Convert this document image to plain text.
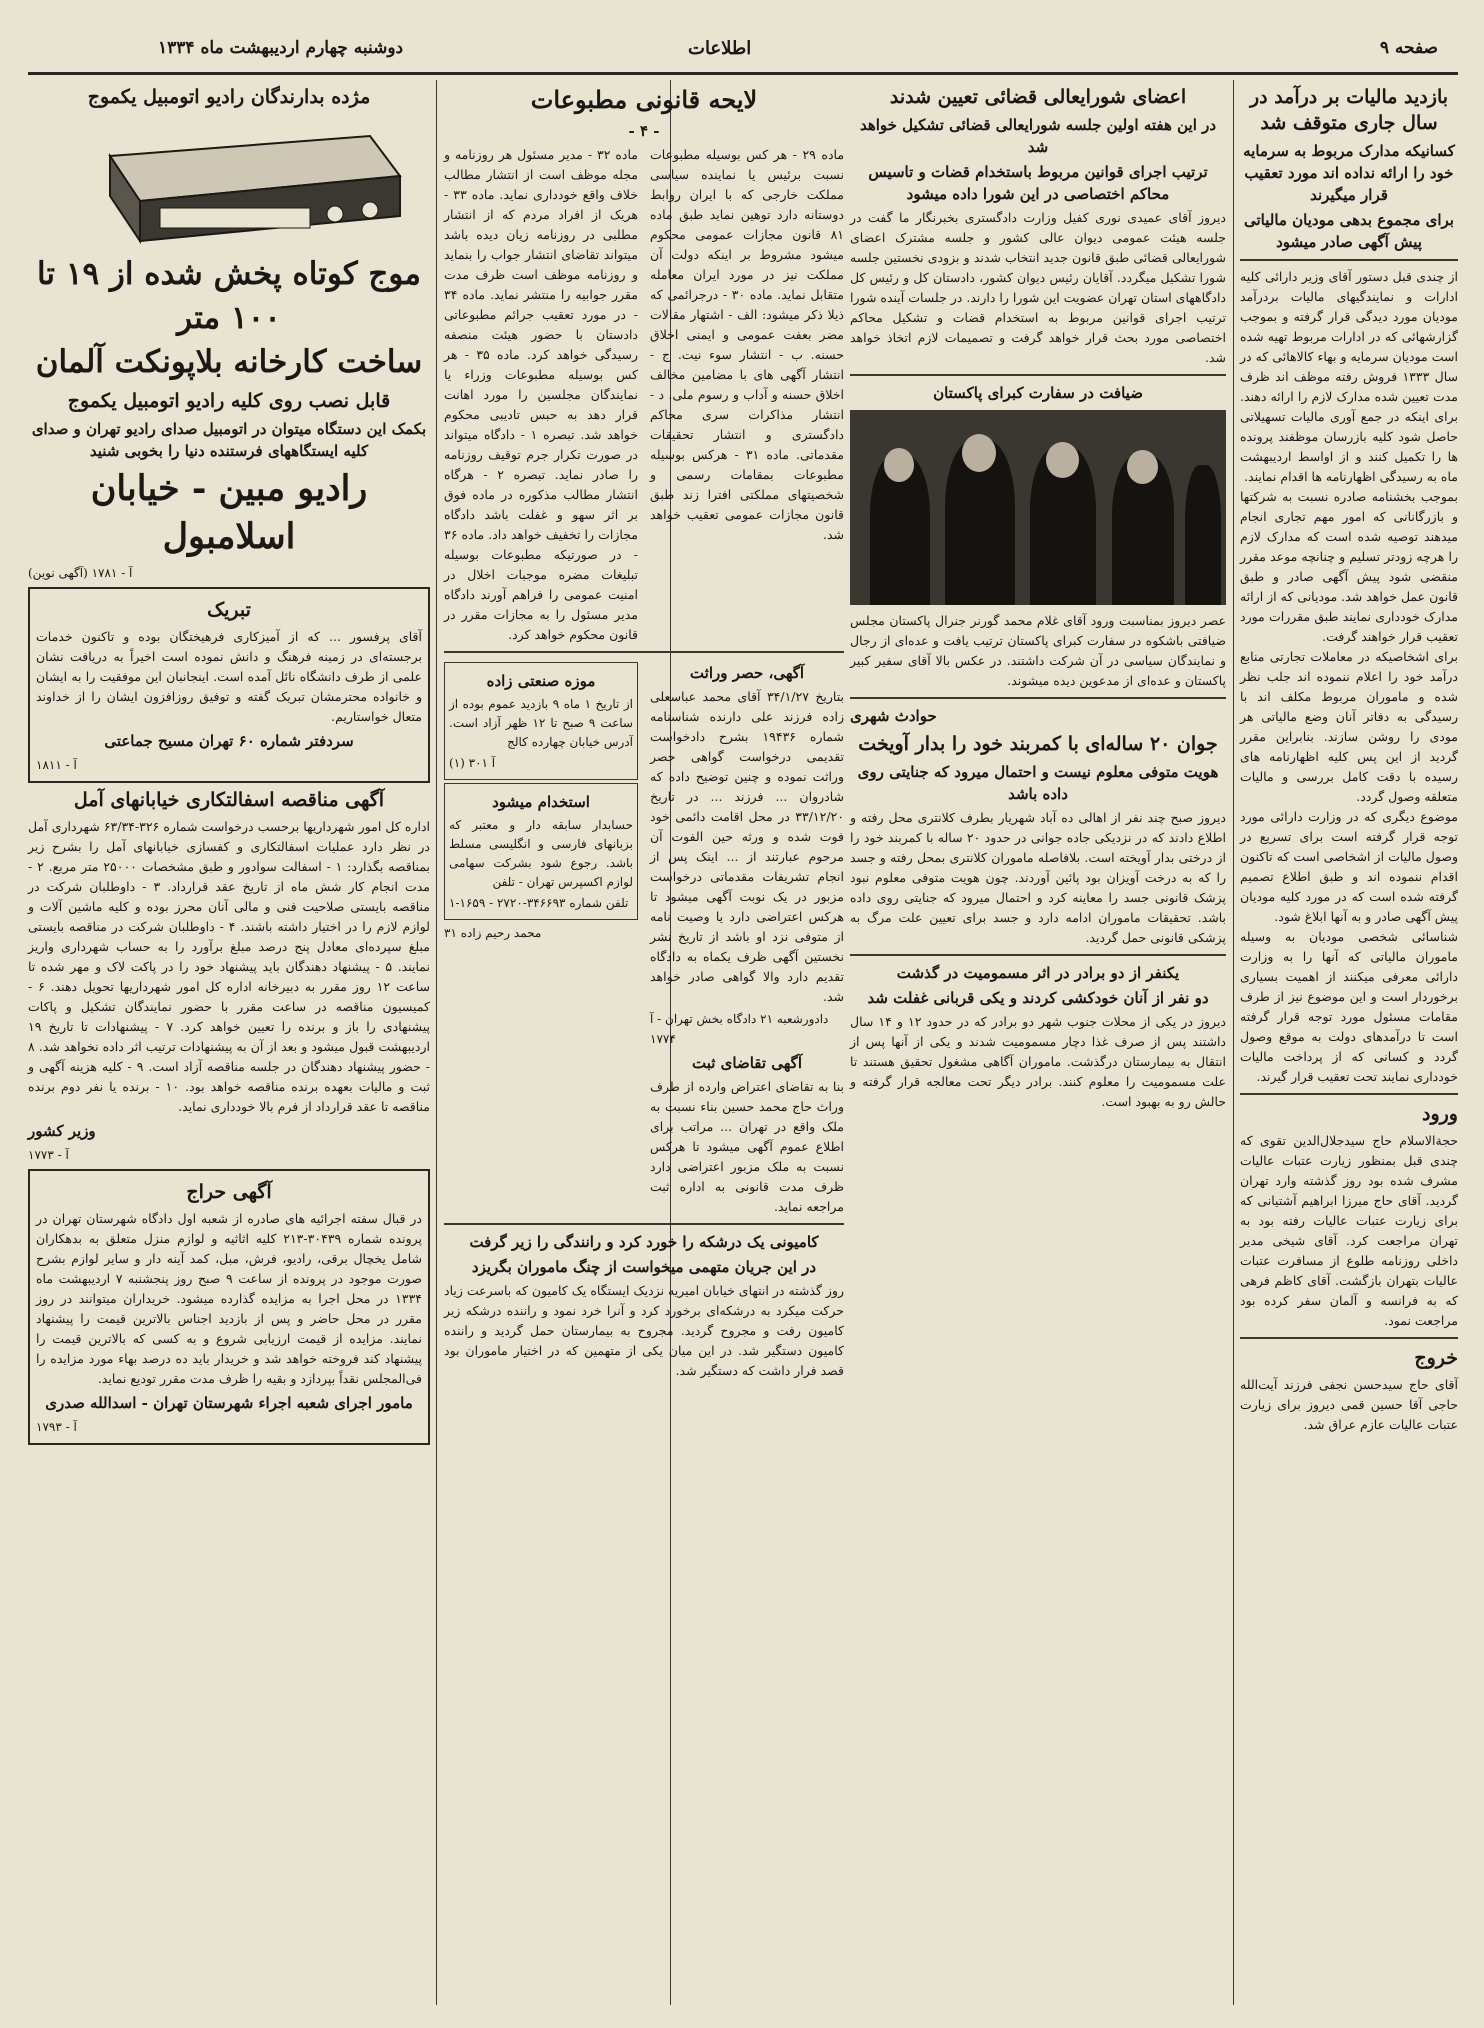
صفحه ۹
اطلاعات
دوشنبه چهارم اردیبهشت ماه ۱۳۳۴
بازدید مالیات بر درآمد در سال جاری متوقف شد
کسانیکه مدارک مربوط به سرمایه خود را ارائه نداده اند مورد تعقیب قرار میگیرند
برای مجموع بدهی مودیان مالیاتی پیش آگهی صادر میشود

از چندی قبل دستور آقای وزیر دارائی کلیه ادارات و نمایندگیهای مالیات بردرآمد مودیان مورد دیدگی قرار گرفته و بموجب گزارشهائی که در ادارات مربوط تهیه شده است مودیان سرمایه و بهاء کالاهائی که در سال ۱۳۳۳ فروش رفته موظف اند ظرف مدت تعیین شده مدارک لازم را ارائه دهند. برای اینکه در جمع آوری مالیات تسهیلاتی حاصل شود کلیه بازرسان موظفند پرونده ها را تکمیل کنند و از اواسط اردیبهشت ماه به رسیدگی اظهارنامه ها اقدام نمایند.

بموجب بخشنامه صادره نسبت به شرکتها و بازرگانانی که امور مهم تجاری انجام میدهند توصیه شده است که مدارک لازم را هرچه زودتر تسلیم و چنانچه موعد مقرر منقضی شود پیش آگهی صادر و طبق قانون عمل خواهد شد. مودیانی که از ارائه مدارک خودداری نمایند طبق مقررات مورد تعقیب قرار خواهند گرفت.

برای اشخاصیکه در معاملات تجارتی منابع درآمد خود را اعلام ننموده اند جلب نظر شده و ماموران مربوط مکلف اند با رسیدگی به دفاتر آنان وضع مالیاتی هر مودی را روشن سازند. بنابراین مقرر گردید از این پس کلیه اظهارنامه های رسیده با دقت کامل بررسی و مالیات متعلقه وصول گردد.

موضوع دیگری که در وزارت دارائی مورد توجه قرار گرفته است برای تسریع در وصول مالیات از اشخاصی است که تاکنون اقدام ننموده اند و طبق اطلاع تصمیم گرفته شده است که در مورد کلیه مودیان پیش آگهی صادر و به آنها ابلاغ شود.

شناسائی شخصی مودیان به وسیله ماموران مالیاتی که آنها را به وزارت دارائی معرفی میکنند از اهمیت بسیاری برخوردار است و این موضوع نیز از طرف مقامات مسئول مورد توجه قرار گرفته است تا درآمدهای دولت به موقع وصول گردد و کسانی که از پرداخت مالیات خودداری نمایند تحت تعقیب قرار گیرند.

ورود

حجةالاسلام حاج سیدجلال‌الدین تقوی که چندی قبل بمنظور زیارت عتبات عالیات مشرف شده بود روز گذشته وارد تهران گردید. آقای حاج میرزا ابراهیم آشتیانی که برای زیارت عتبات عالیات رفته بود به تهران مراجعت کرد. آقای شیخی مدیر داخلی روزنامه طلوع از مسافرت عتبات عالیات بتهران بازگشت. آقای کاظم فرهی که به فرانسه و آلمان سفر کرده بود مراجعت نمود.

خروج

آقای حاج سیدحسن نجفی فرزند آیت‌الله حاجی آقا حسین قمی دیروز برای زیارت عتبات عالیات عازم عراق شد.

اعضای شورایعالی قضائی تعیین شدند
در این هفته اولین جلسه شورایعالی قضائی تشکیل خواهد شد
ترتیب اجرای قوانین مربوط باستخدام قضات و تاسیس محاکم اختصاصی در این شورا داده میشود

دیروز آقای عمیدی نوری کفیل وزارت دادگستری بخبرنگار ما گفت در جلسه هیئت عمومی دیوان عالی کشور و جلسه مشترک اعضای شورایعالی قضائی طبق قانون جدید انتخاب شدند و بزودی نخستین جلسه شورا تشکیل میگردد. آقایان رئیس دیوان کشور، دادستان کل و رئیس کل دادگاههای استان تهران عضویت این شورا را دارند. در جلسات آینده شورا ترتیب اجرای قوانین مربوط به استخدام قضات و تشکیل محاکم اختصاصی مورد بحث قرار خواهد گرفت و تصمیمات لازم اتخاذ خواهد شد.

ضیافت در سفارت کبرای پاکستان

عصر دیروز بمناسبت ورود آقای غلام محمد گورنر جنرال پاکستان مجلس ضیافتی باشکوه در سفارت کبرای پاکستان ترتیب یافت و عده‌ای از رجال و نمایندگان سیاسی در آن شرکت داشتند. در عکس بالا آقای سفیر کبیر پاکستان و عده‌ای از مدعوین دیده میشوند.

حوادث شهری
جوان ۲۰ ساله‌ای با کمربند خود را بدار آویخت
هویت متوفی معلوم نیست و احتمال میرود که جنایتی روی داده باشد

دیروز صبح چند نفر از اهالی ده آباد شهریار بطرف کلانتری محل رفته و اطلاع دادند که در نزدیکی جاده جوانی در حدود ۲۰ ساله با کمربند خود را از درختی بدار آویخته است. بلافاصله ماموران کلانتری بمحل رفته و جسد را که به درخت آویزان بود پائین آوردند. چون هویت متوفی معلوم نبود پزشک قانونی جسد را معاینه کرد و احتمال میرود که جنایتی روی داده باشد. تحقیقات ماموران ادامه دارد و جسد برای تعیین علت مرگ به پزشکی قانونی حمل گردید.

یکنفر از دو برادر در اثر مسمومیت در گذشت
دو نفر از آنان خودکشی کردند و یکی قربانی غفلت شد

دیروز در یکی از محلات جنوب شهر دو برادر که در حدود ۱۲ و ۱۴ سال داشتند پس از صرف غذا دچار مسمومیت شدند و یکی از آنها پس از انتقال به بیمارستان درگذشت. ماموران آگاهی مشغول تحقیق هستند تا علت مسمومیت را معلوم کنند. برادر دیگر تحت معالجه قرار گرفته و حالش رو به بهبود است.

لایحه قانونی مطبوعات
- ۴ -

ماده ۲۹ - هر کس بوسیله مطبوعات نسبت برئیس یا نماینده سیاسی مملکت خارجی که با ایران روابط دوستانه دارد توهین نماید طبق ماده ۸۱ قانون مجازات عمومی محکوم میشود مشروط بر اینکه دولت آن مملکت نیز در مورد ایران معامله متقابل نماید. ماده ۳۰ - درجرائمی که ذیلا ذکر میشود: الف - اشتهار مقالات مضر بعفت عمومی و ایمنی اخلاق حسنه. ب - انتشار سوء نیت. ج - انتشار آگهی های با مضامین مخالف اخلاق حسنه و آداب و رسوم ملی. د - انتشار مذاکرات سری محاکم دادگستری و انتشار تحقیقات مقدماتی. ماده ۳۱ - هرکس بوسیله مطبوعات بمقامات رسمی و شخصیتهای مملکتی افترا زند طبق قانون مجازات عمومی تعقیب خواهد شد.

ماده ۳۲ - مدیر مسئول هر روزنامه و مجله موظف است از انتشار مطالب خلاف واقع خودداری نماید. ماده ۳۳ - هریک از افراد مردم که از انتشار مطلبی در روزنامه زیان دیده باشد میتواند تقاضای انتشار جواب را بنماید و روزنامه موظف است ظرف مدت مقرر جوابیه را منتشر نماید. ماده ۳۴ - در مورد تعقیب جرائم مطبوعاتی دادستان با حضور هیئت منصفه رسیدگی خواهد کرد. ماده ۳۵ - هر کس بوسیله مطبوعات وزراء یا نمایندگان مجلسین را مورد اهانت قرار دهد به حبس تادیبی محکوم خواهد شد. تبصره ۱ - دادگاه میتواند در صورت تکرار جرم توقیف روزنامه را صادر نماید. تبصره ۲ - هرگاه انتشار مطالب مذکوره در ماده فوق بر اثر سهو و غفلت باشد دادگاه مجازات را تخفیف خواهد داد. ماده ۳۶ - در صورتیکه مطبوعات بوسیله تبلیغات مضره موجبات اخلال در امنیت عمومی را فراهم آورند دادگاه مدیر مسئول را به مجازات مقرر در قانون محکوم خواهد کرد.

آگهی، حصر وراثت

بتاریخ ۳۴/۱/۲۷ آقای محمد عباسعلی زاده فرزند علی دارنده شناسنامه شماره ۱۹۴۳۶ بشرح دادخواست تقدیمی درخواست گواهی حصر وراثت نموده و چنین توضیح داده که شادروان ... فرزند ... در تاریخ ۳۳/۱۲/۲۰ در محل اقامت دائمی خود فوت شده و ورثه حین الفوت آن مرحوم عبارتند از ... اینک پس از انجام تشریفات مقدماتی درخواست مزبور در یک نوبت آگهی میشود تا هرکس اعتراضی دارد یا وصیت نامه از متوفی نزد او باشد از تاریخ نشر نخستین آگهی ظرف یکماه به دادگاه تقدیم دارد والا گواهی صادر خواهد شد.

دادورشعبه ۲۱ دادگاه بخش تهران - آ ۱۷۷۴

آگهی تقاضای ثبت

بنا به تقاضای اعتراض وارده از طرف وراث حاج محمد حسین بناء نسبت به ملک واقع در تهران ... مراتب برای اطلاع عموم آگهی میشود تا هرکس نسبت به ملک مزبور اعتراضی دارد ظرف مدت قانونی به اداره ثبت مراجعه نماید.

موزه صنعتی زاده

از تاریخ ۱ ماه ۹ بازدید عموم بوده از ساعت ۹ صبح تا ۱۲ ظهر آزاد است. آدرس خیابان چهارده کالج

آ ۳۰۱ (۱)

استخدام میشود

حسابدار سابقه دار و معتبر که بزبانهای فارسی و انگلیسی مسلط باشد. رجوع شود بشرکت سهامی لوازم اکسپرس تهران - تلفن

تلفن شماره ۳۴۶۶۹۳-۲۷۲۰ - ۱۶۵۹-۱

محمد رحیم زاده ۳۱

کامیونی یک درشکه را خورد کرد و رانندگی را زیر گرفت
در این جریان متهمی میخواست از چنگ ماموران بگریزد

روز گذشته در انتهای خیابان امیریه نزدیک ایستگاه یک کامیون که باسرعت زیاد حرکت میکرد به درشکه‌ای برخورد کرد و آنرا خرد نمود و راننده درشکه زیر کامیون رفت و مجروح گردید. مجروح به بیمارستان حمل گردید و راننده کامیون دستگیر شد. در این میان یکی از متهمین که در اختیار ماموران بود قصد فرار داشت که دستگیر شد.

مژده بدارندگان رادیو اتومبیل یکموج
موج کوتاه پخش شده از ۱۹ تا ۱۰۰ متر
ساخت کارخانه بلاپونکت آلمان
قابل نصب روی کلیه رادیو اتومبیل یکموج
بکمک این دستگاه میتوان در اتومبیل صدای رادیو تهران و صدای کلیه ایستگاههای فرستنده دنیا را بخوبی شنید
رادیو مبین - خیابان اسلامبول

آ - ۱۷۸۱ (آگهی نوین)

تبریک

آقای پرفسور ... که از آمیزکاری فرهیختگان بوده و تاکنون خدمات برجسته‌ای در زمینه فرهنگ و دانش نموده است اخیراً به دریافت نشان علمی از طرف دانشگاه نائل آمده است. اینجانبان این موفقیت را به ایشان و خانواده محترمشان تبریک گفته و توفیق روزافزون ایشان را از خداوند متعال خواستاریم.

سردفتر شماره ۶۰ تهران مسیح جماعتی

آ - ۱۸۱۱

آگهی مناقصه اسفالتکاری خیابانهای آمل

اداره کل امور شهرداریها برحسب درخواست شماره ۳۲۶-۶۳/۳۴ شهرداری آمل در نظر دارد عملیات اسفالتکاری و کفسازی خیابانهای آمل را بشرح زیر بمناقصه بگذارد: ۱ - اسفالت سوادور و طبق مشخصات ۲۵۰۰۰ متر مربع. ۲ - مدت انجام کار شش ماه از تاریخ عقد قرارداد. ۳ - داوطلبان شرکت در مناقصه بایستی صلاحیت فنی و مالی آنان محرز بوده و کلیه ماشین آلات و لوازم لازم را در اختیار داشته باشند. ۴ - داوطلبان شرکت در مناقصه بایستی مبلغ سپرده‌ای معادل پنج درصد مبلغ برآورد را به حساب شهرداری واریز نمایند. ۵ - پیشنهاد دهندگان باید پیشنهاد خود را در پاکت لاک و مهر شده تا ساعت ۱۲ روز مقرر به دبیرخانه اداره کل امور شهرداریها تحویل دهند. ۶ - کمیسیون مناقصه در ساعت مقرر با حضور نمایندگان تشکیل و پاکات پیشنهادی را باز و برنده را تعیین خواهد کرد. ۷ - پیشنهادات تا تاریخ ۱۹ اردیبهشت قبول میشود و بعد از آن به پیشنهادات ترتیب اثر داده نخواهد شد. ۸ - حضور پیشنهاد دهندگان در جلسه مناقصه آزاد است. ۹ - کلیه هزینه آگهی و ثبت و مالیات بعهده برنده مناقصه خواهد بود. ۱۰ - برنده یا نفر دوم برنده مناقصه تا عقد قرارداد از فرم بالا خودداری نماید.

وزیر کشور

آ - ۱۷۷۳

آگهی حراج

در قبال سفته اجرائیه های صادره از شعبه اول دادگاه شهرستان تهران در پرونده شماره ۳۰۴۳۹-۲۱۳ کلیه اثاثیه و لوازم منزل متعلق به بدهکاران شامل یخچال برقی، رادیو، فرش، مبل، کمد آینه دار و سایر لوازم بشرح صورت موجود در پرونده از ساعت ۹ صبح روز پنجشنبه ۷ اردیبهشت ماه ۱۳۳۴ در محل اجرا به مزایده گذارده میشود. خریداران میتوانند در روز مقرر در محل حاضر و پس از بازدید اجناس بالاترین قیمت را پیشنهاد نمایند. مزایده از قیمت ارزیابی شروع و به کسی که بالاترین قیمت را پیشنهاد کند فروخته خواهد شد و خریدار باید ده درصد بهاء مورد مزایده را فی‌المجلس نقداً بپردازد و بقیه را ظرف مدت مقرر تودیع نماید.

مامور اجرای شعبه اجراء شهرستان تهران - اسدالله صدری

آ - ۱۷۹۳
